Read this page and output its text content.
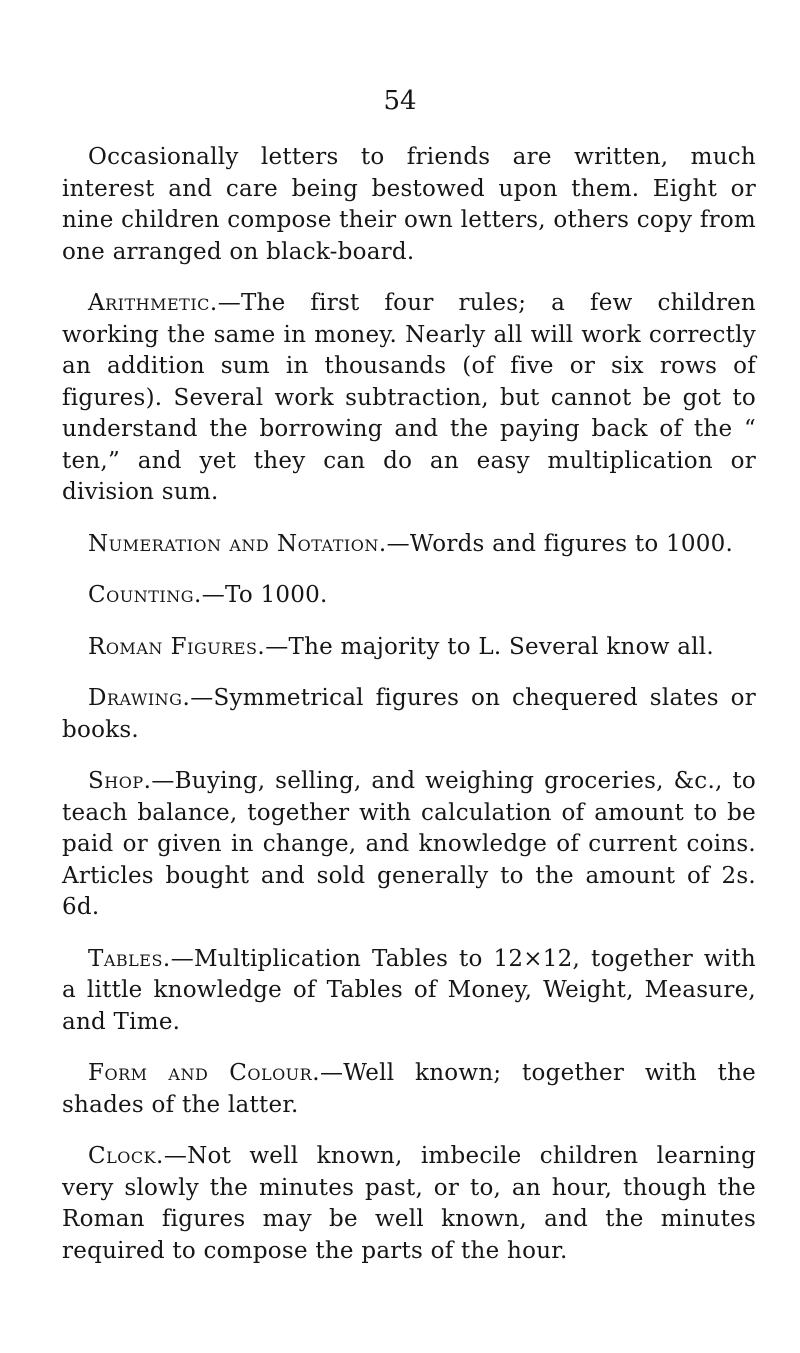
54

Occasionally letters to friends are written, much interest and care being bestowed upon them. Eight or nine children compose their own letters, others copy from one arranged on black-board.

Arithmetic.—The first four rules; a few children working the same in money. Nearly all will work correctly an addition sum in thousands (of five or six rows of figures). Several work subtraction, but cannot be got to understand the borrowing and the paying back of the “ ten,” and yet they can do an easy multiplication or division sum.

Numeration and Notation.—Words and figures to 1000.

Counting.—To 1000.

Roman Figures.—The majority to L. Several know all.

Drawing.—Symmetrical figures on chequered slates or books.

Shop.—Buying, selling, and weighing groceries, &c., to teach balance, together with calculation of amount to be paid or given in change, and knowledge of current coins. Articles bought and sold generally to the amount of 2s. 6d.

Tables.—Multiplication Tables to 12×12, together with a little knowledge of Tables of Money, Weight, Measure, and Time.

Form and Colour.—Well known; together with the shades of the latter.

Clock.—Not well known, imbecile children learning very slowly the minutes past, or to, an hour, though the Roman figures may be well known, and the minutes required to compose the parts of the hour.
